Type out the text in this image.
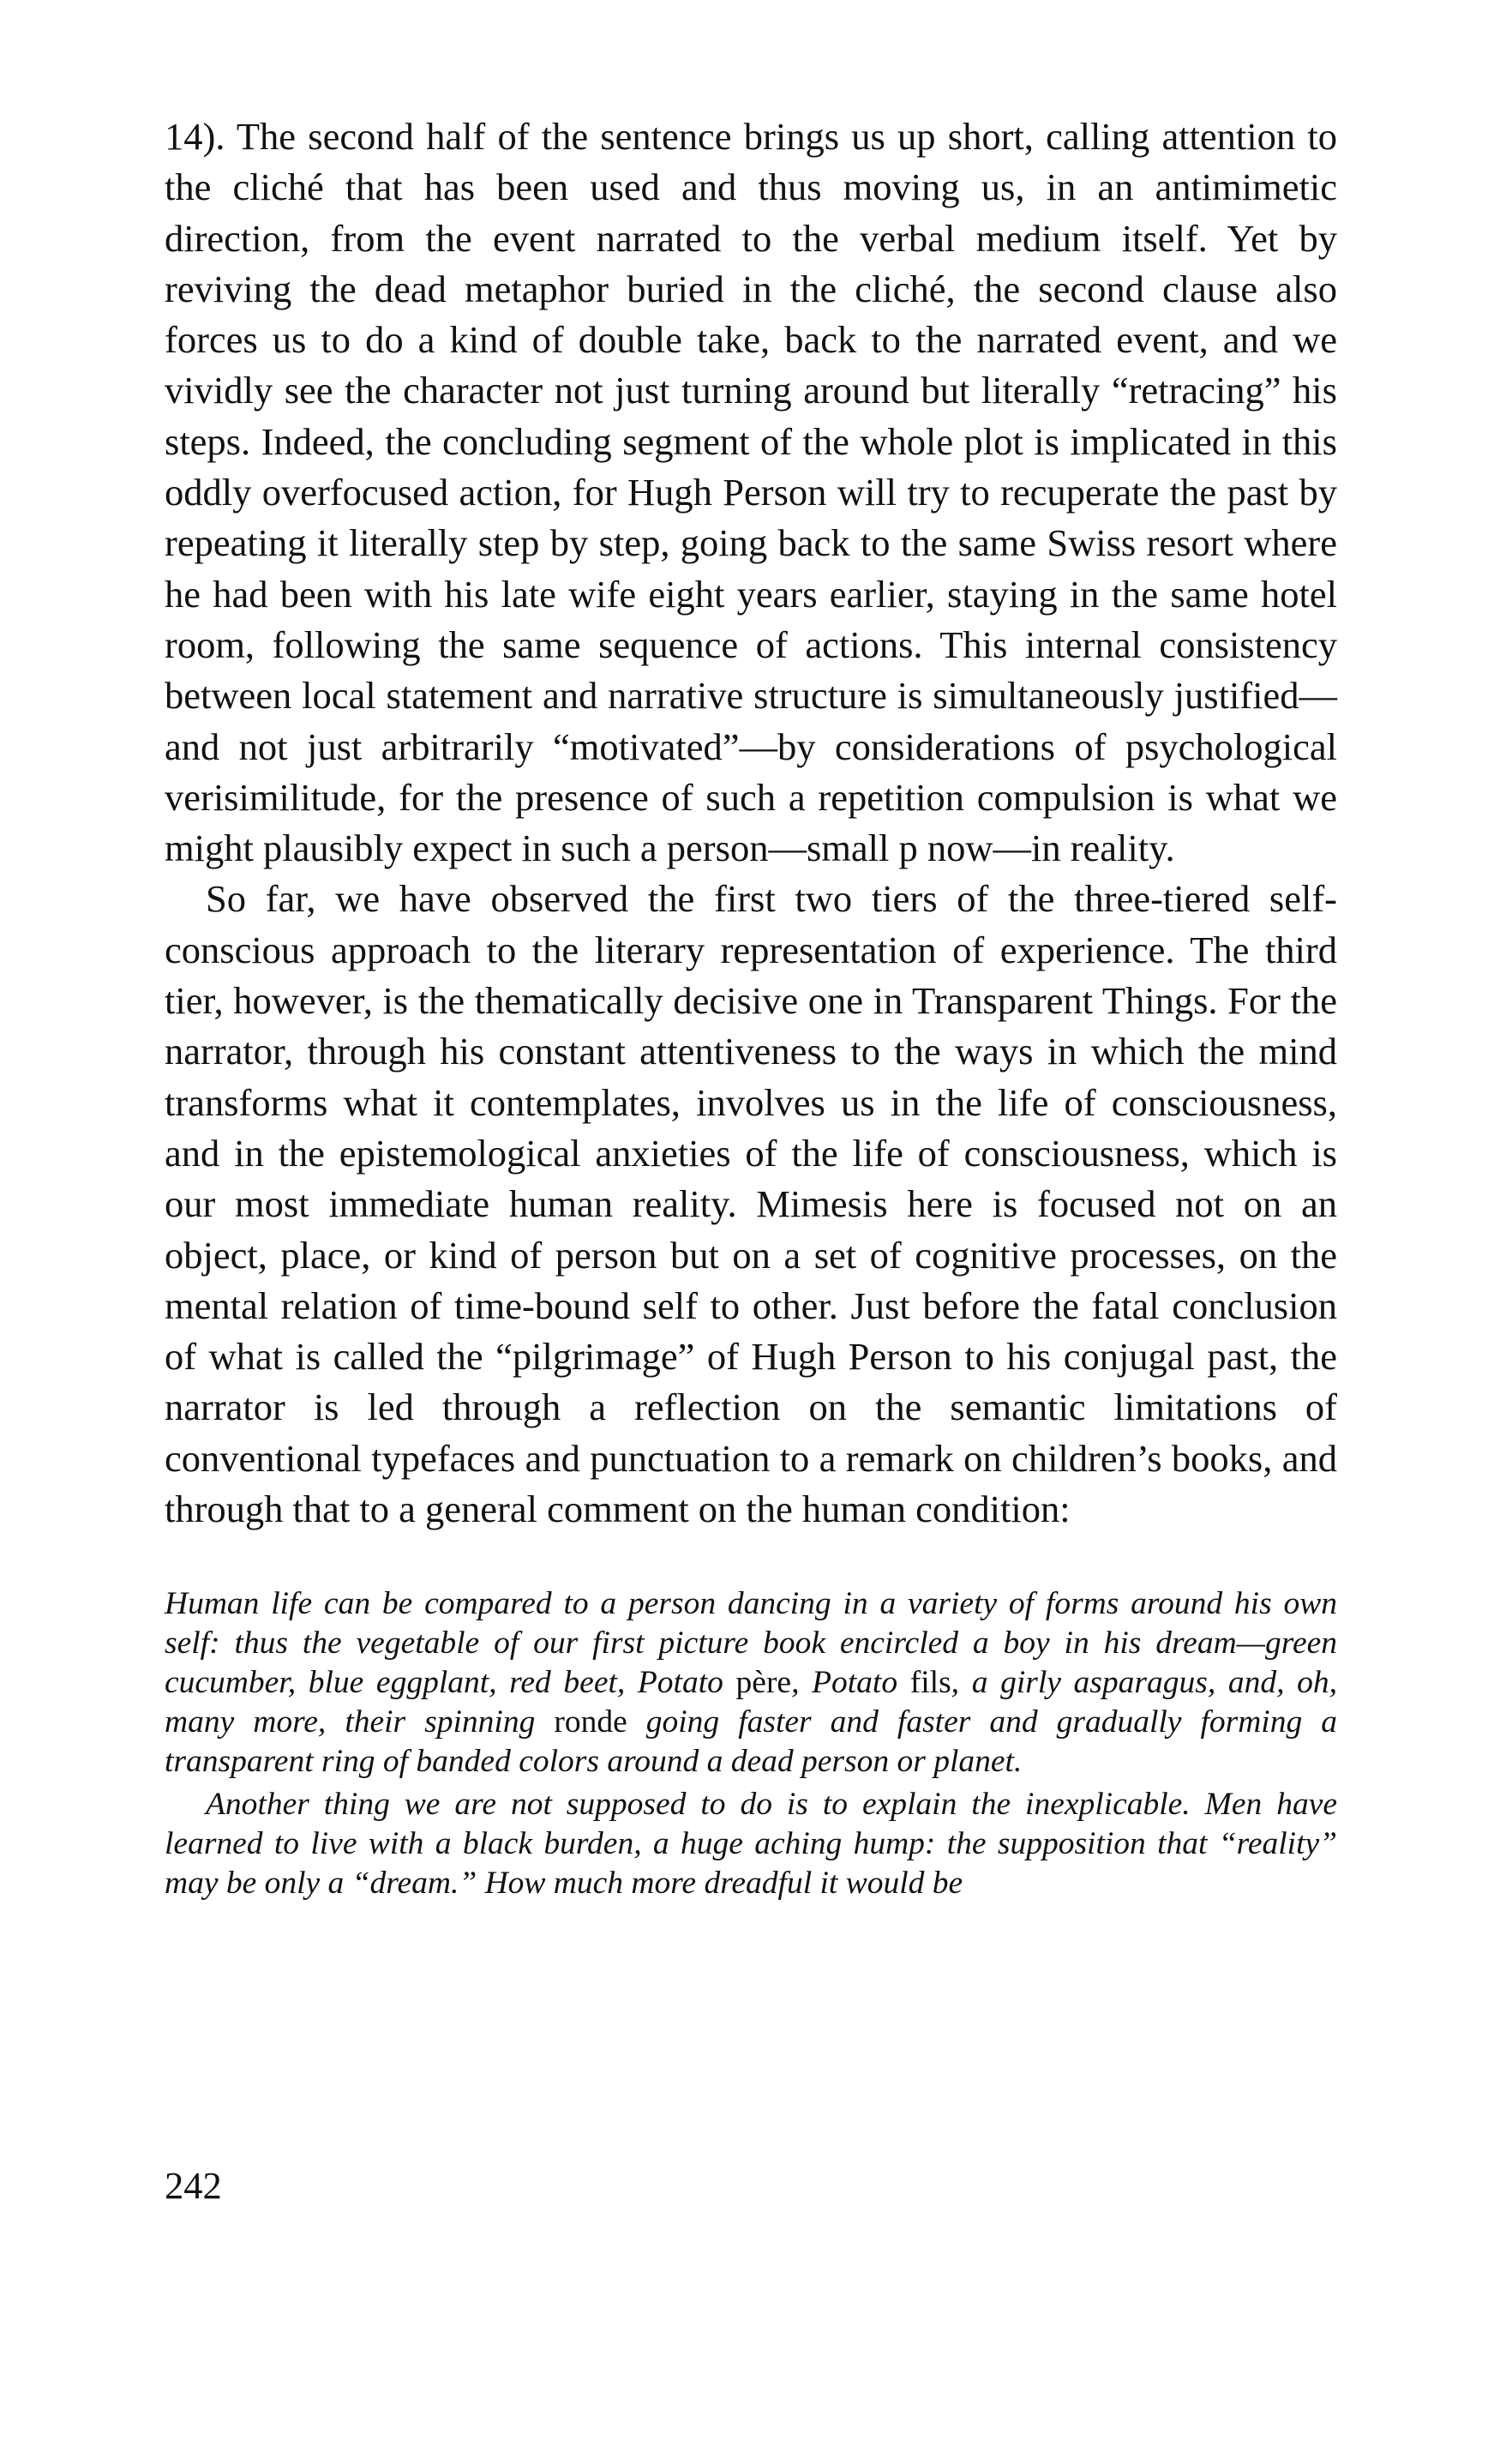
14). The second half of the sentence brings us up short, calling attention to the cliché that has been used and thus moving us, in an antimimetic direction, from the event narrated to the verbal medium itself. Yet by reviving the dead metaphor buried in the cliché, the second clause also forces us to do a kind of double take, back to the narrated event, and we vividly see the character not just turning around but literally “retracing” his steps. Indeed, the concluding segment of the whole plot is implicated in this oddly overfocused action, for Hugh Person will try to recuperate the past by repeating it literally step by step, going back to the same Swiss resort where he had been with his late wife eight years earlier, staying in the same hotel room, following the same sequence of actions. This internal consistency between local statement and narrative structure is simultaneously justified—and not just arbitrarily “motivated”—by considerations of psychological verisimilitude, for the presence of such a repetition compulsion is what we might plausibly expect in such a person—small p now—in reality.

So far, we have observed the first two tiers of the three-tiered self-conscious approach to the literary representation of experience. The third tier, however, is the thematically decisive one in Transparent Things. For the narrator, through his constant attentiveness to the ways in which the mind transforms what it contemplates, involves us in the life of consciousness, and in the epistemological anxieties of the life of consciousness, which is our most immediate human reality. Mimesis here is focused not on an object, place, or kind of person but on a set of cognitive processes, on the mental relation of time-bound self to other. Just before the fatal conclusion of what is called the “pilgrimage” of Hugh Person to his conjugal past, the narrator is led through a reflection on the semantic limitations of conventional typefaces and punctuation to a remark on children’s books, and through that to a general comment on the human condition:

Human life can be compared to a person dancing in a variety of forms around his own self: thus the vegetable of our first picture book encircled a boy in his dream—green cucumber, blue eggplant, red beet, Potato père, Potato fils, a girly asparagus, and, oh, many more, their spinning ronde going faster and faster and gradually forming a transparent ring of banded colors around a dead person or planet.

Another thing we are not supposed to do is to explain the inexplicable. Men have learned to live with a black burden, a huge aching hump: the supposition that “reality” may be only a “dream.” How much more dreadful it would be

242
